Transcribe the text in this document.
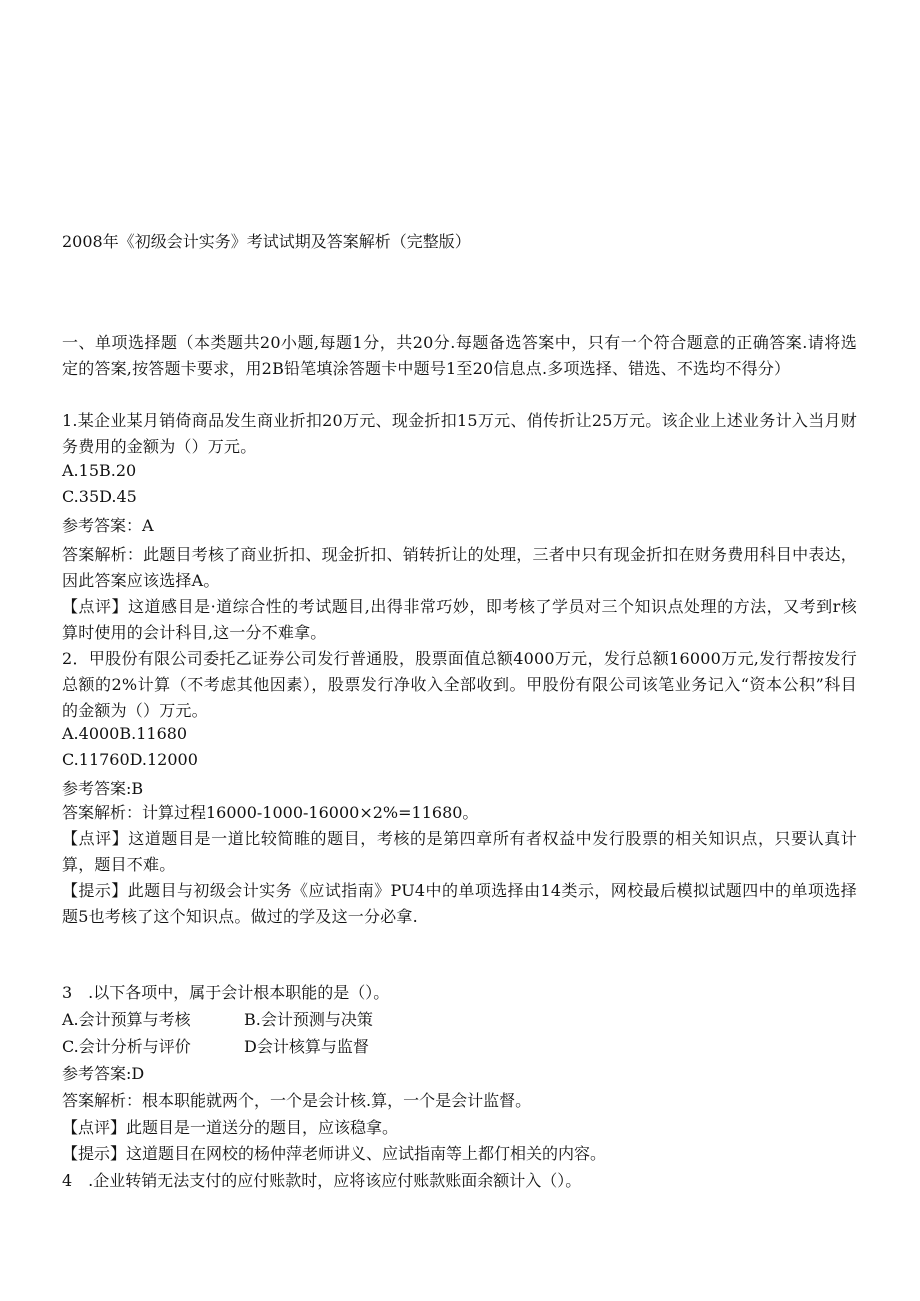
2008年《初级会计实务》考试试期及答案解析（完整版）
一、单项选择题（本类题共20小题,每题1分，共20分.每题备选答案中，只有一个符合题意的正确答案.请将选定的答案,按答题卡要求，用2B铅笔填涂答题卡中题号1至20信息点.多项选择、错选、不选均不得分）
1.某企业某月销倚商品发生商业折扣20万元、现金折扣15万元、俏传折让25万元。该企业上述业务计入当月财务费用的金额为（）万元。
A.15B.20
C.35D.45
参考答案：A
答案解析：此题目考核了商业折扣、现金折扣、销转折让的处理，三者中只有现金折扣在财务费用科目中表达，因此答案应该选择A。
【点评】这道感目是·道综合性的考试题目,出得非常巧妙，即考核了学员对三个知识点处理的方法，又考到r核算时使用的会计科目,这一分不难拿。
2．甲股份有限公司委托乙证券公司发行普通股，股票面值总额4000万元，发行总额16000万元,发行帮按发行总额的2%计算（不考虑其他因素），股票发行净收入全部收到。甲股份有限公司该笔业务记入“资本公积”科目的金额为（）万元。
A.4000B.11680
C.11760D.12000
参考答案:B
答案解析：计算过程16000-1000-16000×2%=11680。
【点评】这道题目是一道比较简睢的题目，考核的是第四章所有者权益中发行股票的相关知识点，只要认真计算，题目不难。
【提示】此题目与初级会计实务《应试指南》PU4中的单项选择由14类示，网校最后模拟试题四中的单项选择题5也考核了这个知识点。做过的学及这一分必拿.
3　.以下各项中，属于会计根本职能的是（）。
A.会计预算与考核	B.会计预测与决策
C.会计分析与评价	D会计核算与监督
参考答案:D
答案解析：根本职能就两个，一个是会计核.算，一个是会计监督。
【点评】此题目是一道送分的题目，应该稳拿。
【提示】这道题目在网校的杨仲萍老师讲义、应试指南等上都仃相关的内容。
4　.企业转销无法支付的应付账款时，应将该应付账款账面余额计入（）。
